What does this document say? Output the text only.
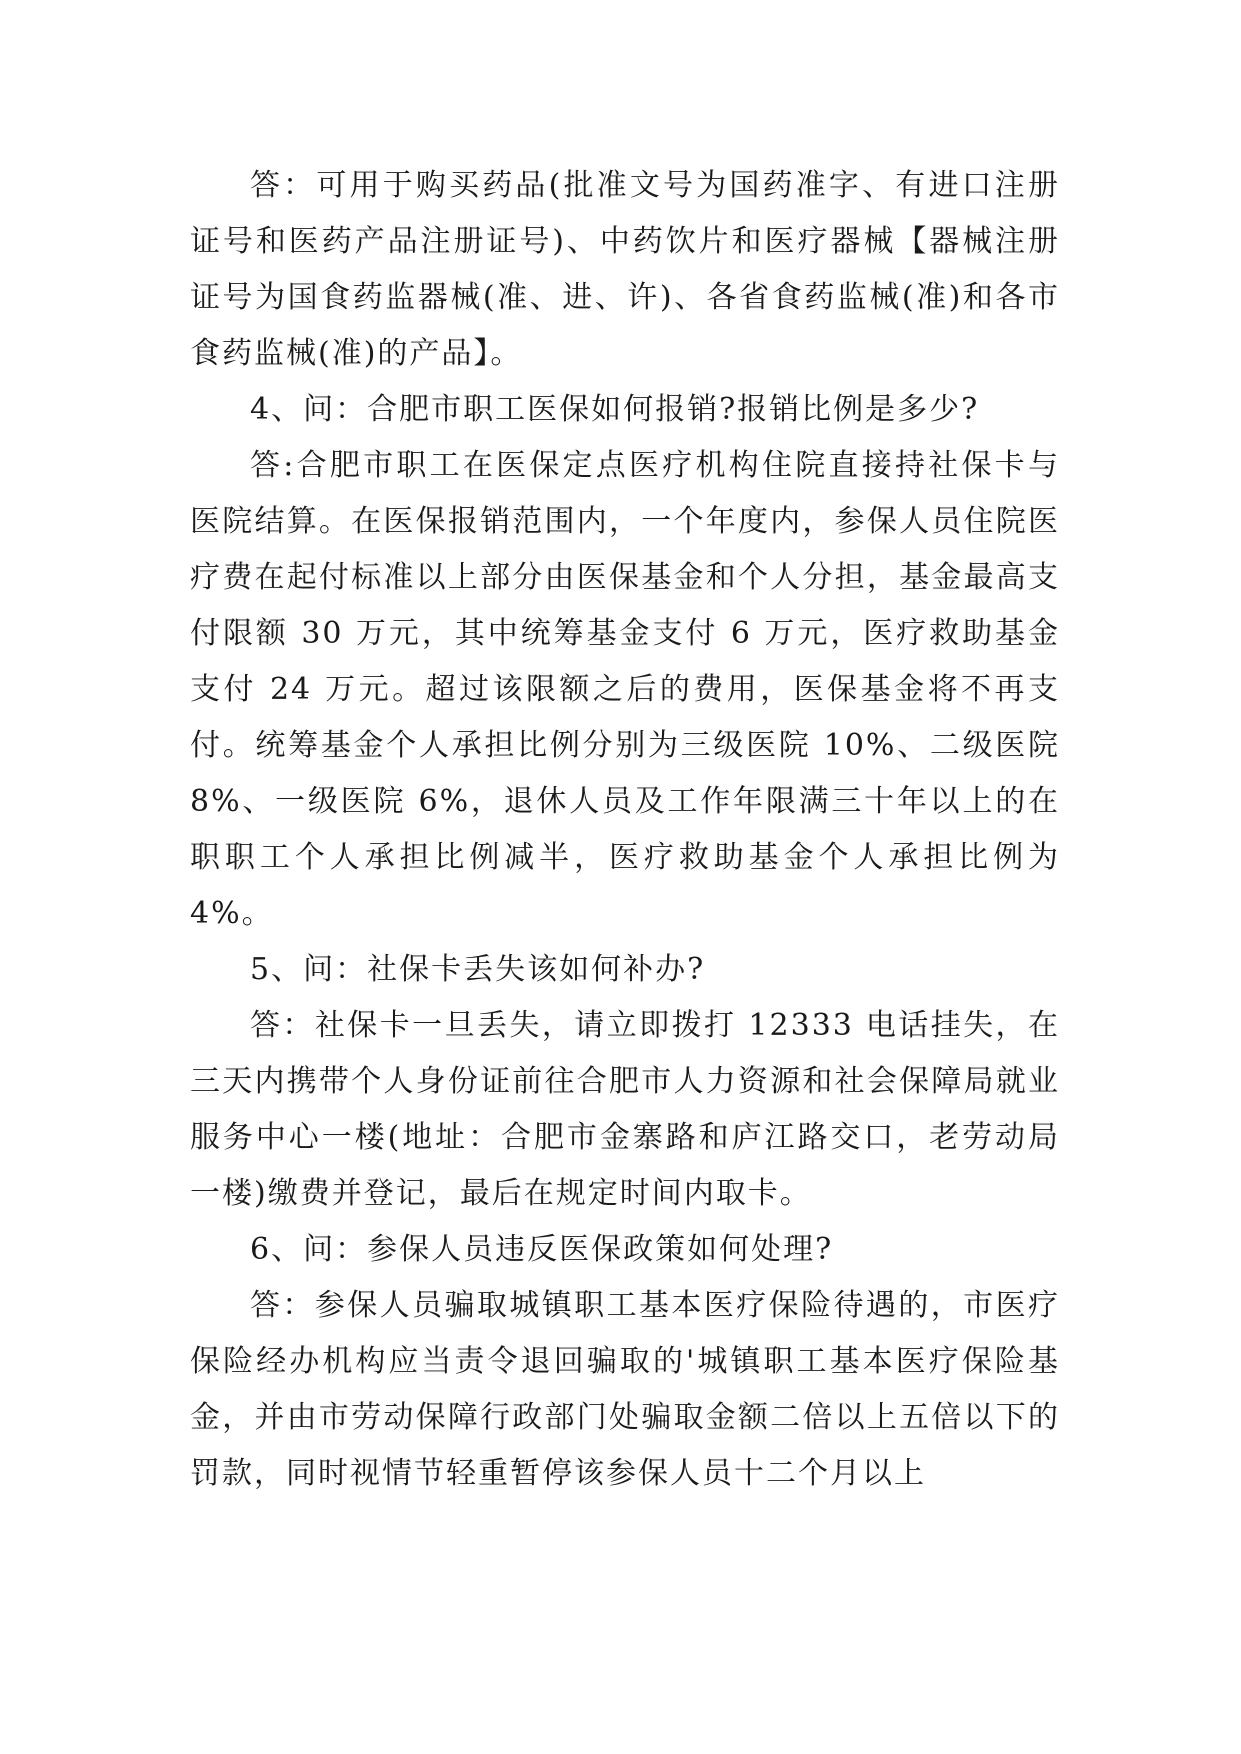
答：可用于购买药品(批准文号为国药准字、有进口注册证号和医药产品注册证号)、中药饮片和医疗器械【器械注册证号为国食药监器械(准、进、许)、各省食药监械(准)和各市食药监械(准)的产品】。

4、问：合肥市职工医保如何报销?报销比例是多少?

答:合肥市职工在医保定点医疗机构住院直接持社保卡与医院结算。在医保报销范围内，一个年度内，参保人员住院医疗费在起付标准以上部分由医保基金和个人分担，基金最高支付限额 30 万元，其中统筹基金支付 6 万元，医疗救助基金支付 24 万元。超过该限额之后的费用，医保基金将不再支付。统筹基金个人承担比例分别为三级医院 10%、二级医院 8%、一级医院 6%，退休人员及工作年限满三十年以上的在职职工个人承担比例减半，医疗救助基金个人承担比例为 4%。

5、问：社保卡丢失该如何补办?

答：社保卡一旦丢失，请立即拨打 12333 电话挂失，在三天内携带个人身份证前往合肥市人力资源和社会保障局就业服务中心一楼(地址：合肥市金寨路和庐江路交口，老劳动局一楼)缴费并登记，最后在规定时间内取卡。

6、问：参保人员违反医保政策如何处理?

答：参保人员骗取城镇职工基本医疗保险待遇的，市医疗保险经办机构应当责令退回骗取的'城镇职工基本医疗保险基金，并由市劳动保障行政部门处骗取金额二倍以上五倍以下的罚款，同时视情节轻重暂停该参保人员十二个月以上
